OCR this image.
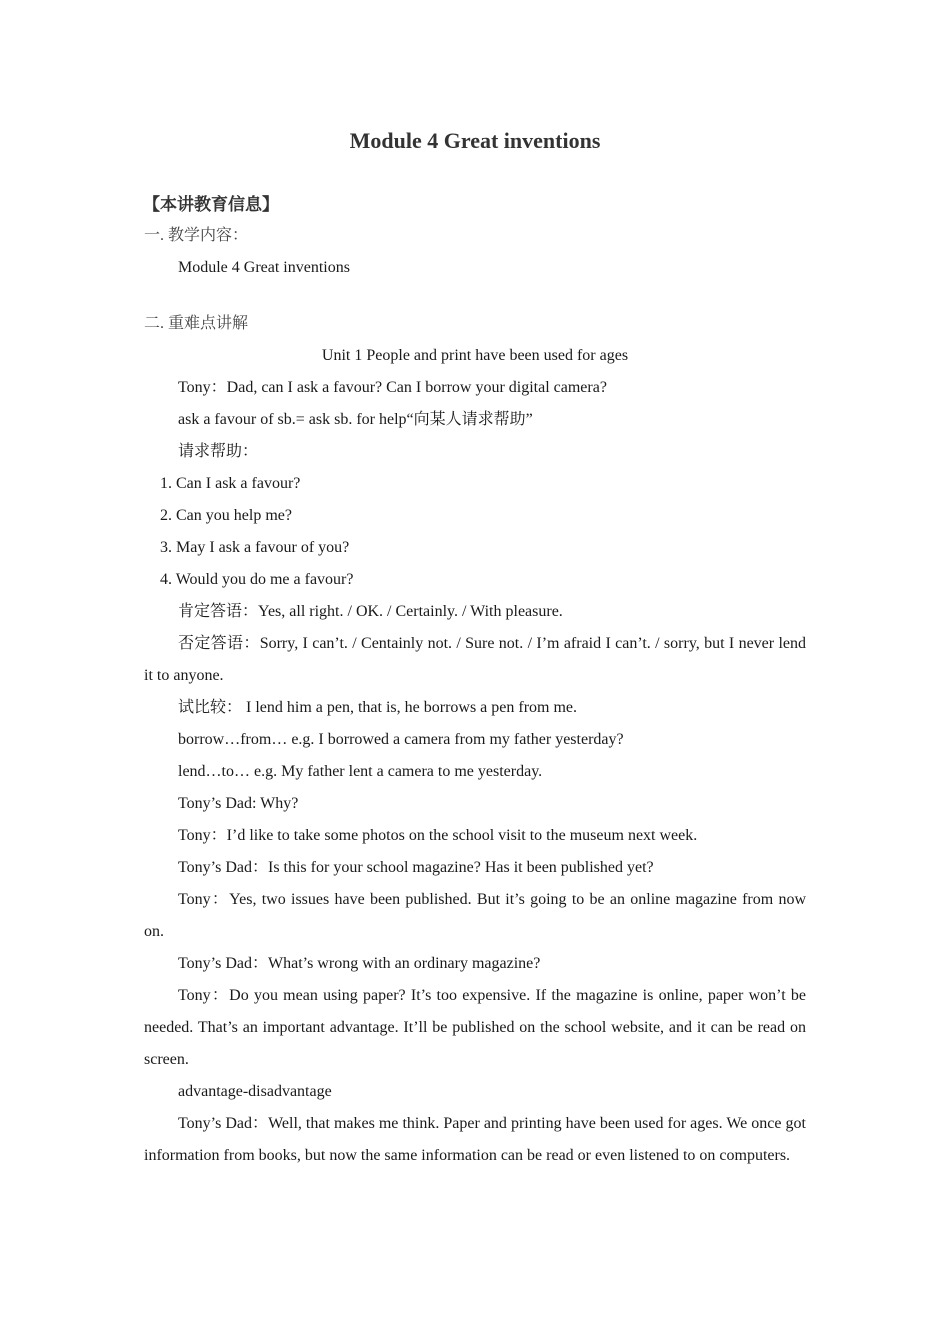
Module 4 Great inventions
【本讲教育信息】

一. 教学内容：

Module 4 Great inventions

二. 重难点讲解

Unit 1 People and print have been used for ages

Tony：Dad, can I ask a favour? Can I borrow your digital camera?

ask a favour of sb.= ask sb. for help“向某人请求帮助”

请求帮助：

1. Can I ask a favour?

2. Can you help me?

3. May I ask a favour of you?

4. Would you do me a favour?

肯定答语：Yes, all right. / OK. / Certainly. / With pleasure.

否定答语：Sorry, I can’t. / Centainly not. / Sure not. / I’m afraid I can’t. / sorry, but I never lend it to anyone.

试比较： I lend him a pen, that is, he borrows a pen from me.

borrow…from… e.g. I borrowed a camera from my father yesterday?

lend…to… e.g. My father lent a camera to me yesterday.

Tony’s Dad: Why?

Tony：I’d like to take some photos on the school visit to the museum next week.

Tony’s Dad：Is this for your school magazine? Has it been published yet?

Tony：Yes, two issues have been published. But it’s going to be an online magazine from now on.

Tony’s Dad：What’s wrong with an ordinary magazine?

Tony：Do you mean using paper? It’s too expensive. If the magazine is online, paper won’t be needed. That’s an important advantage. It’ll be published on the school website, and it can be read on screen.

advantage-disadvantage

Tony’s Dad：Well, that makes me think. Paper and printing have been used for ages. We once got information from books, but now the same information can be read or even listened to on computers.
